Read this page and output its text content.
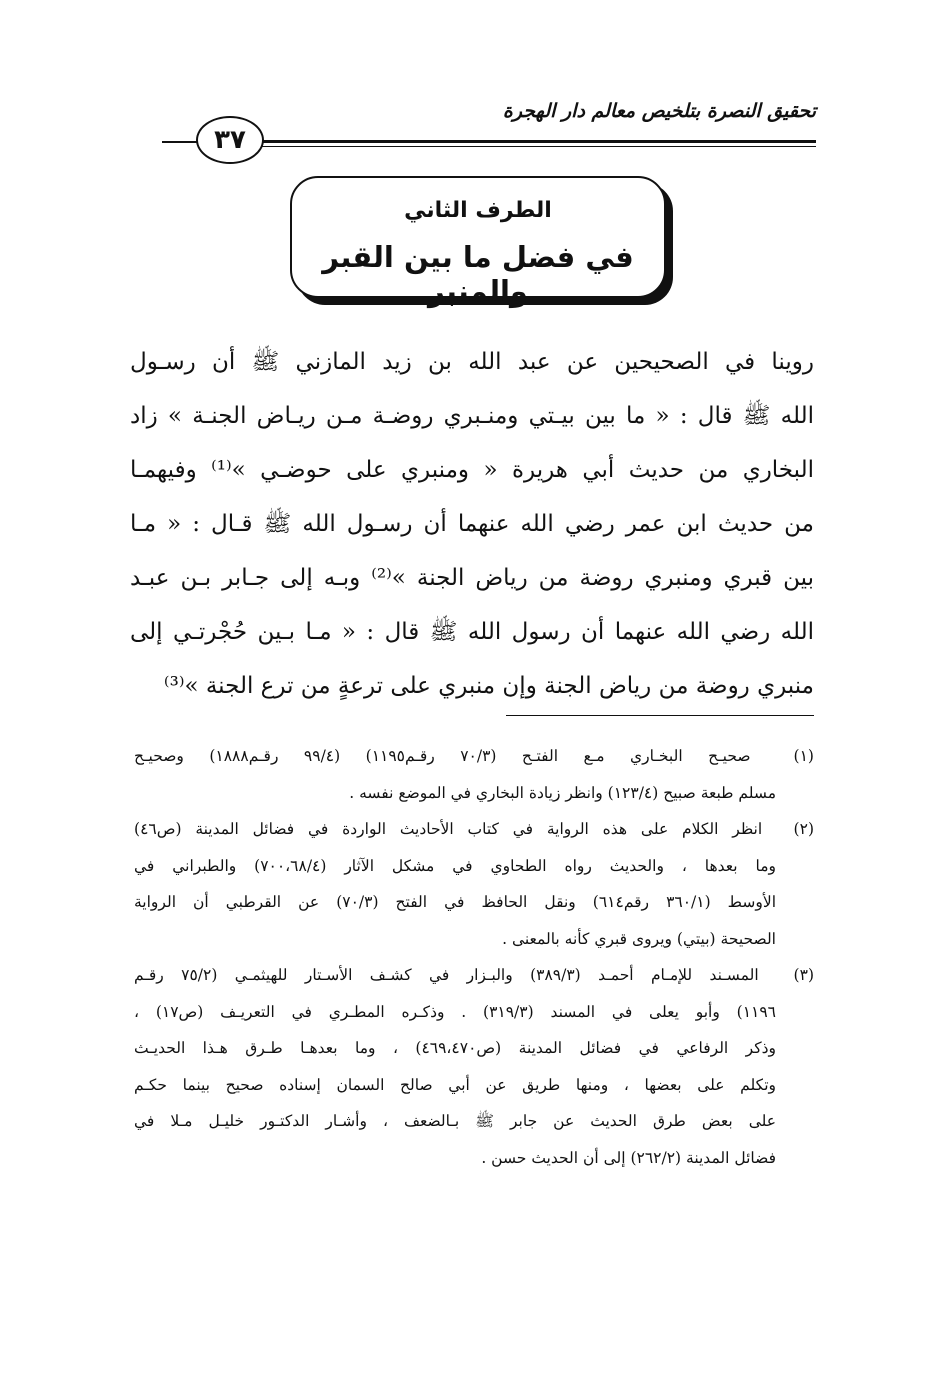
تحقيق النصرة بتلخيص معالم دار الهجرة
٣٧
الطرف الثاني
في فضل ما بين القبر والمنبر
روينا في الصحيحين عن عبد الله بن زيد المازني ﷺ أن رسـول
الله ﷺ قال : « ما بين بيـتي ومنـبري روضـة مـن ريـاض الجنـة » زاد
البخاري من حديث أبي هريرة « ومنبري على حوضـي »⁽¹⁾ وفيهمـا
من حديث ابن عمر رضي الله عنهما أن رسـول الله ﷺ قـال : « مـا
بين قبري ومنبري روضة من رياض الجنة »⁽²⁾ وبـه إلى جـابر بـن عبـد
الله رضي الله عنهما أن رسول الله ﷺ قال : « مـا بـين حُجْرتـي إلى
منبري روضة من رياض الجنة وإن منبري على ترعةٍ من ترع الجنة »⁽³⁾
(١) صحيـح البخـاري مـع الفتـح (٧٠/٣ رقـم١١٩٥) (٩٩/٤ رقـم١٨٨٨) وصحيـح
مسلم طبعة صبيح (١٢٣/٤) وانظر زيادة البخاري في الموضع نفسه .
(٢) انظر الكلام على هذه الرواية في كتاب الأحاديث الواردة في فضائل المدينة (ص٤٦)
وما بعدها ، والحديث رواه الطحاوي في مشكل الآثار (٧٠٠،٦٨/٤) والطبراني في
الأوسط (٣٦٠/١ رقم٦١٤) ونقل الحافظ في الفتح (٧٠/٣) عن القرطبي أن الرواية
الصحيحة (بيتي) ويروى قبري كأنه بالمعنى .
(٣) المسـند للإمـام أحمـد (٣٨٩/٣) والبـزار في كشـف الأسـتار للهيثمـي (٧٥/٢ رقـم
١١٩٦) وأبو يعلى في المسند (٣١٩/٣) . وذكـره المطـري في التعريـف (ص١٧) ،
وذكر الرفاعي في فضائل المدينة (ص٤٦٩،٤٧٠) ، وما بعدهـا طـرق هـذا الحديـث
وتكلم على بعضها ، ومنها طريق عن أبي صالح السمان إسناده صحيح بينما حكـم
على بعض طرق الحديث عن جابر ﷺ بـالضعف ، وأشـار الدكتـور خليـل مـلا في
فضائل المدينة (٢٦٢/٢) إلى أن الحديث حسن .
